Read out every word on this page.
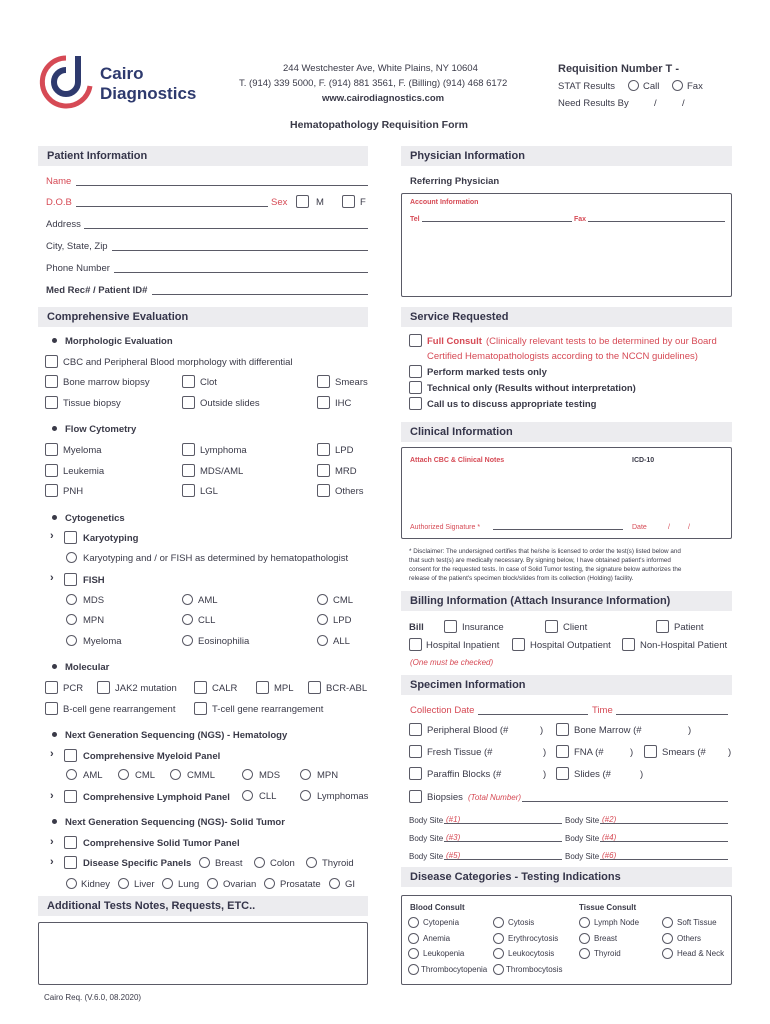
Cairo
Diagnostics
244 Westchester Ave, White Plains, NY 10604
T. (914) 339 5000, F. (914) 881 3561, F. (Billing) (914) 468 6172
www.cairodiagnostics.com
Requisition Number T -
STAT Results	Call	Fax
Need Results By	/	/
Hematopathology Requisition Form
Patient Information
Name
D.O.B	Sex	M	F
Address
City, State, Zip
Phone Number
Med Rec# / Patient ID#
Physician Information
Referring Physician
Account Information
Tel	Fax
Comprehensive Evaluation
Morphologic Evaluation
CBC and Peripheral Blood morphology with differential
Bone marrow biopsy	Clot	Smears
Tissue biopsy	Outside slides	IHC
Flow Cytometry
Myeloma	Lymphoma	LPD
Leukemia	MDS/AML	MRD
PNH	LGL	Others
Cytogenetics
›	Karyotyping
Karyotyping and / or FISH as determined by hematopathologist
›	FISH
MDS	AML	CML
MPN	CLL	LPD
Myeloma	Eosinophilia	ALL
Molecular
PCR	JAK2 mutation	CALR	MPL	BCR-ABL
B-cell gene rearrangement	T-cell gene rearrangement
Next Generation Sequencing (NGS) - Hematology
›	Comprehensive Myeloid Panel
AML	CML	CMML	MDS	MPN
›	Comprehensive Lymphoid Panel	CLL	Lymphomas
Next Generation Sequencing (NGS)- Solid Tumor
›	Comprehensive Solid Tumor Panel
›	Disease Specific Panels Breast	Colon	Thyroid
Kidney	Liver Lung	Ovarian Prosatate	GI
Additional Tests Notes, Requests, ETC..
Cairo Req. (V.6.0, 08.2020)
Service Requested
Full Consult (Clinically relevant tests to be determined by our Board
Certified Hematopathologists according to the NCCN guidelines)
Perform marked tests only
Technical only (Results without interpretation)
Call us to discuss appropriate testing
Clinical Information
Attach CBC & Clinical Notes	ICD-10
Authorized Signature *	Date	/	/
* Disclaimer: The undersigned certifies that he/she is licensed to order the test(s) listed below and
that such test(s) are medically necessary. By signing below, I have obtained patient's informed
consent for the requested tests. In case of Solid Tumor testing, the signature below authorizes the
release of the patient's specimen block/slides from its collection (Holding) facility.
Billing Information (Attach Insurance Information)
Bill	Insurance	Client	Patient
Hospital Inpatient	Hospital Outpatient	Non-Hospital Patient
(One must be checked)
Specimen Information
Collection Date	Time
Peripheral Blood (#	)	Bone Marrow (#	)
Fresh Tissue (#	)	FNA (#	)	Smears (# )
Paraffin Blocks (#	)	Slides (#	)
Biopsies (Total Number)
Body Site (#1)	Body Site (#2)
Body Site (#3)	Body Site (#4)
Body Site (#5)	Body Site (#6)
Disease Categories - Testing Indications
Blood Consult	Tissue Consult
Cytopenia	Cytosis	Lymph Node	Soft Tissue
Anemia	Erythrocytosis	Breast	Others
Leukopenia	Leukocytosis	Thyroid	Head & Neck
Thrombocytopenia Thrombocytosis
